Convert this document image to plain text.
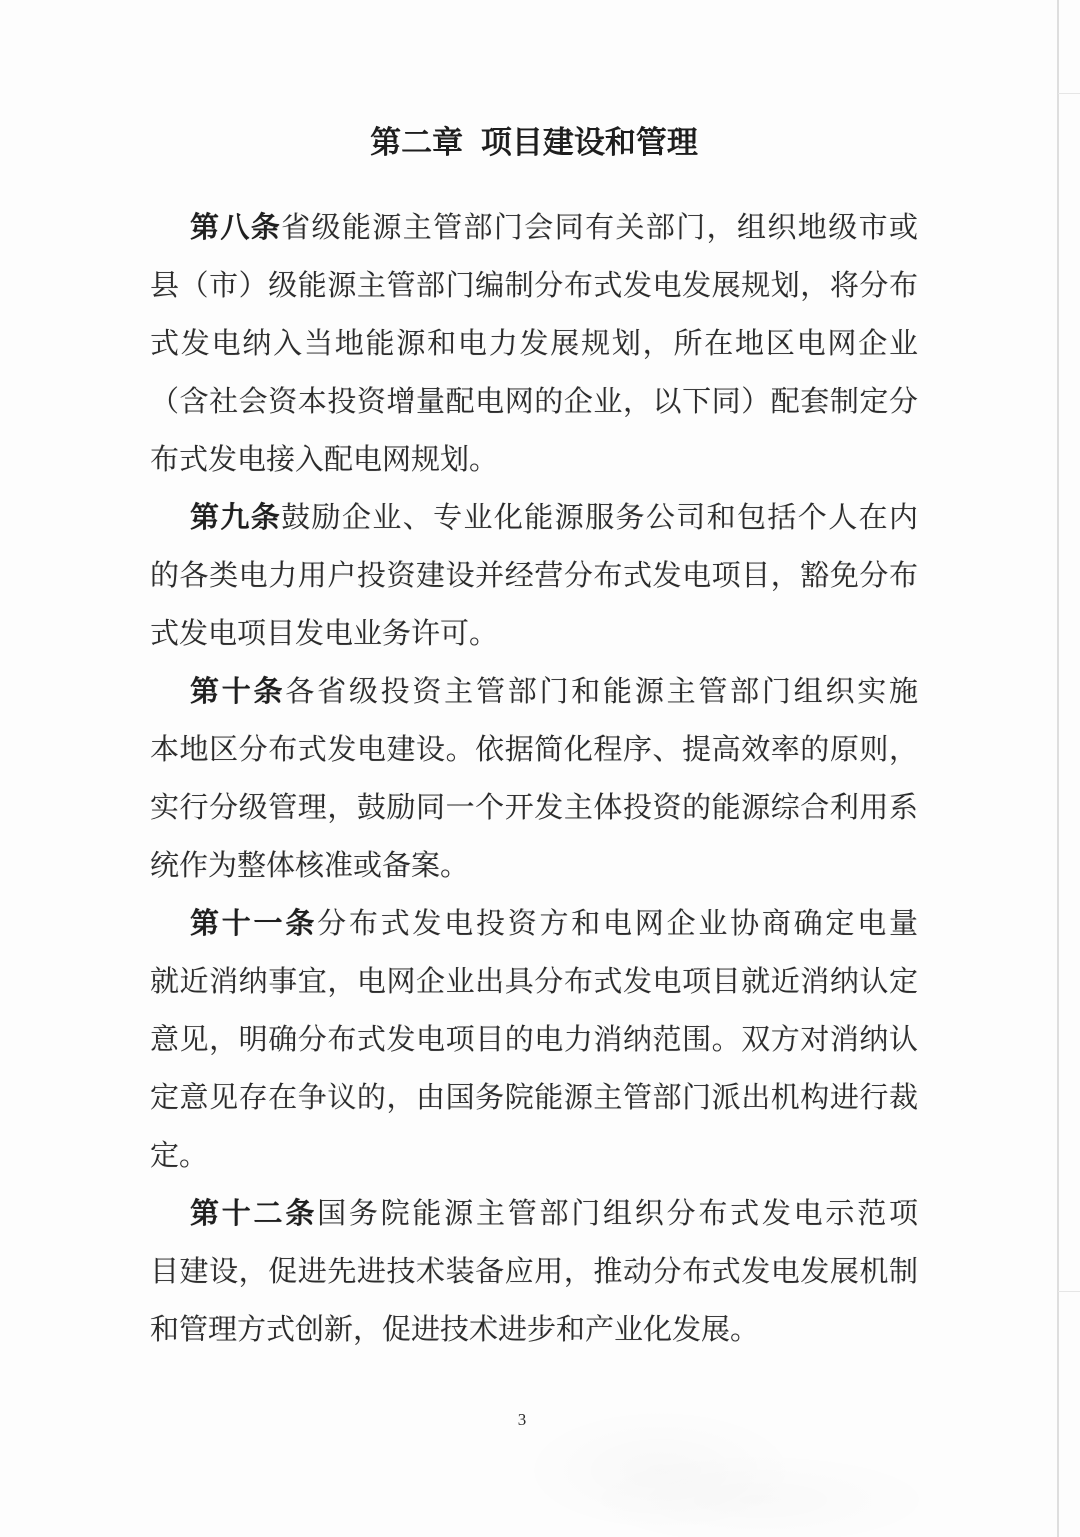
第二章 项目建设和管理

第八条省级能源主管部门会同有关部门，组织地级市或

县（市）级能源主管部门编制分布式发电发展规划，将分布

式发电纳入当地能源和电力发展规划，所在地区电网企业

（含社会资本投资增量配电网的企业，以下同）配套制定分

布式发电接入配电网规划。

第九条鼓励企业、专业化能源服务公司和包括个人在内

的各类电力用户投资建设并经营分布式发电项目，豁免分布

式发电项目发电业务许可。

第十条各省级投资主管部门和能源主管部门组织实施

本地区分布式发电建设。依据简化程序、提高效率的原则，

实行分级管理，鼓励同一个开发主体投资的能源综合利用系

统作为整体核准或备案。

第十一条分布式发电投资方和电网企业协商确定电量

就近消纳事宜，电网企业出具分布式发电项目就近消纳认定

意见，明确分布式发电项目的电力消纳范围。双方对消纳认

定意见存在争议的，由国务院能源主管部门派出机构进行裁

定。

第十二条国务院能源主管部门组织分布式发电示范项

目建设，促进先进技术装备应用，推动分布式发电发展机制

和管理方式创新，促进技术进步和产业化发展。

3
